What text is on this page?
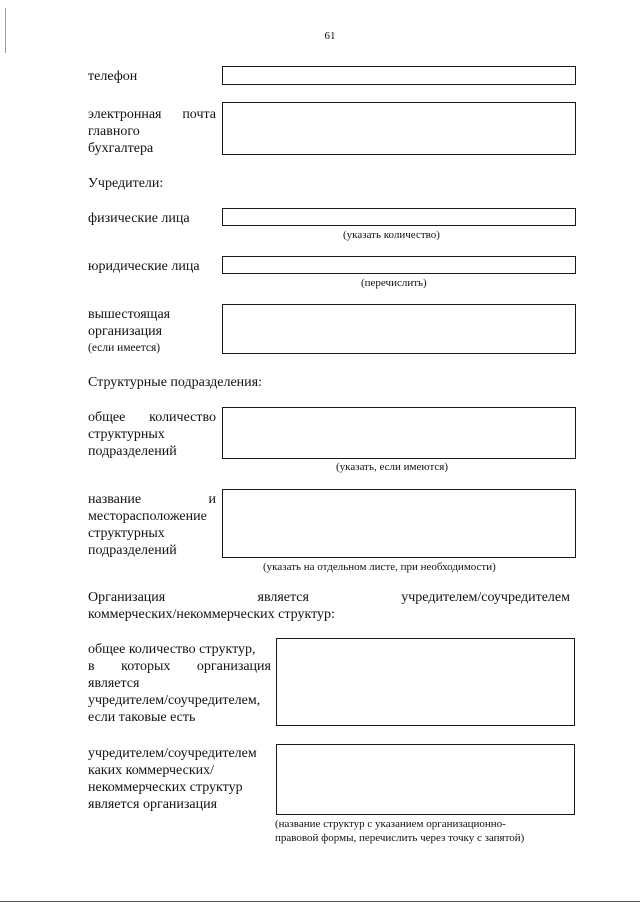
61
телефон
электронная почта
главного
бухгалтера
Учредители:
физические лица
(указать количество)
юридические лица
(перечислить)
вышестоящая
организация
(если имеется)
Структурные подразделения:
общее количество
структурных
подразделений
(указать, если имеются)
название	и
месторасположение
структурных
подразделений
(указать на отдельном листе, при необходимости)
Организация	является	учредителем/соучредителем
коммерческих/некоммерческих структур:
общее количество структур,
в которых организация
является
учредителем/соучредителем,
если таковые есть
учредителем/соучредителем
каких коммерческих/
некоммерческих структур
является организация
(название структур с указанием организационно-
правовой формы, перечислить через точку с запятой)
